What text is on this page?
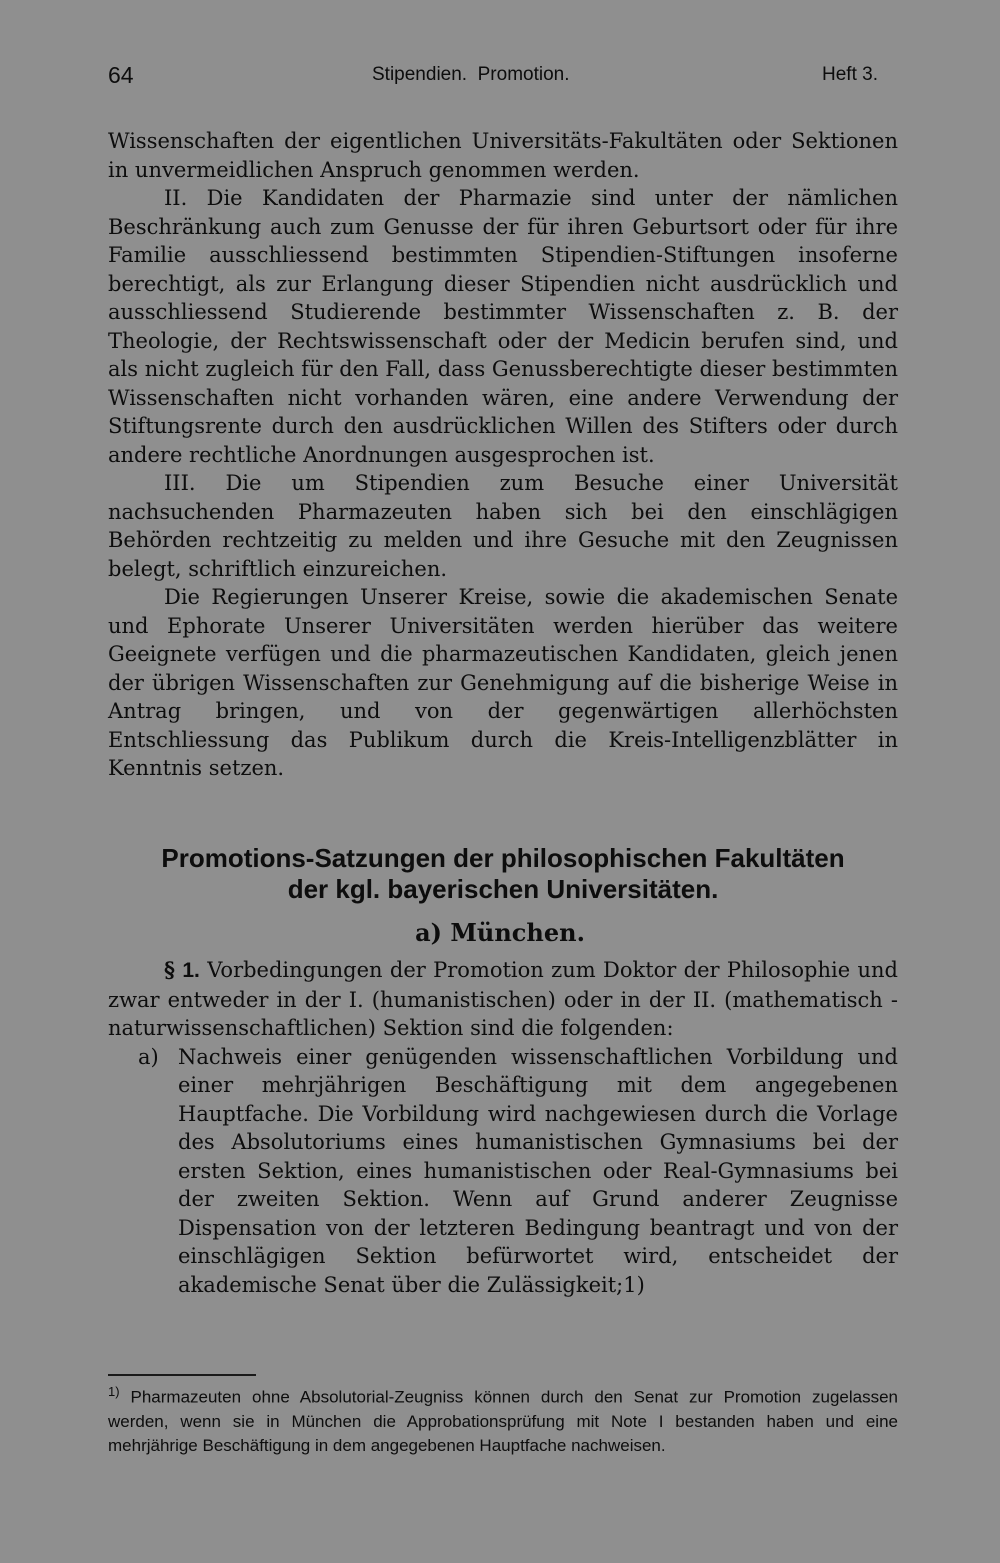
64	Stipendien.  Promotion.	Heft 3.

Wissenschaften der eigentlichen Universitäts-Fakultäten oder Sektionen in unvermeidlichen Anspruch genommen werden.

II. Die Kandidaten der Pharmazie sind unter der nämlichen Beschränkung auch zum Genusse der für ihren Geburtsort oder für ihre Familie ausschliessend bestimmten Stipendien-Stiftungen insoferne berechtigt, als zur Erlangung dieser Stipendien nicht ausdrücklich und ausschliessend Studierende bestimmter Wissenschaften z. B. der Theologie, der Rechtswissenschaft oder der Medicin berufen sind, und als nicht zugleich für den Fall, dass Genussberechtigte dieser bestimmten Wissenschaften nicht vorhanden wären, eine andere Verwendung der Stiftungsrente durch den ausdrücklichen Willen des Stifters oder durch andere rechtliche Anordnungen ausgesprochen ist.

III. Die um Stipendien zum Besuche einer Universität nachsuchenden Pharmazeuten haben sich bei den einschlägigen Behörden rechtzeitig zu melden und ihre Gesuche mit den Zeugnissen belegt, schriftlich einzureichen.

Die Regierungen Unserer Kreise, sowie die akademischen Senate und Ephorate Unserer Universitäten werden hierüber das weitere Geeignete verfügen und die pharmazeutischen Kandidaten, gleich jenen der übrigen Wissenschaften zur Genehmigung auf die bisherige Weise in Antrag bringen, und von der gegenwärtigen allerhöchsten Entschliessung das Publikum durch die Kreis-Intelligenzblätter in Kenntnis setzen.

Promotions-Satzungen der philosophischen Fakultäten
der kgl. bayerischen Universitäten.
a) München.

§ 1. Vorbedingungen der Promotion zum Doktor der Philosophie und zwar entweder in der I. (humanistischen) oder in der II. (mathematisch - naturwissenschaftlichen) Sektion sind die folgenden:

a) Nachweis einer genügenden wissenschaftlichen Vorbildung und einer mehrjährigen Beschäftigung mit dem angegebenen Hauptfache. Die Vorbildung wird nachgewiesen durch die Vorlage des Absolutoriums eines humanistischen Gymnasiums bei der ersten Sektion, eines humanistischen oder Real-Gymnasiums bei der zweiten Sektion. Wenn auf Grund anderer Zeugnisse Dispensation von der letzteren Bedingung beantragt und von der einschlägigen Sektion befürwortet wird, entscheidet der akademische Senat über die Zulässigkeit;1)

$^{1)}$ Pharmazeuten ohne Absolutorial-Zeugniss können durch den Senat zur Promotion zugelassen werden, wenn sie in München die Approbationsprüfung mit Note I bestanden haben und eine mehrjährige Beschäftigung in dem angegebenen Hauptfache nachweisen.
